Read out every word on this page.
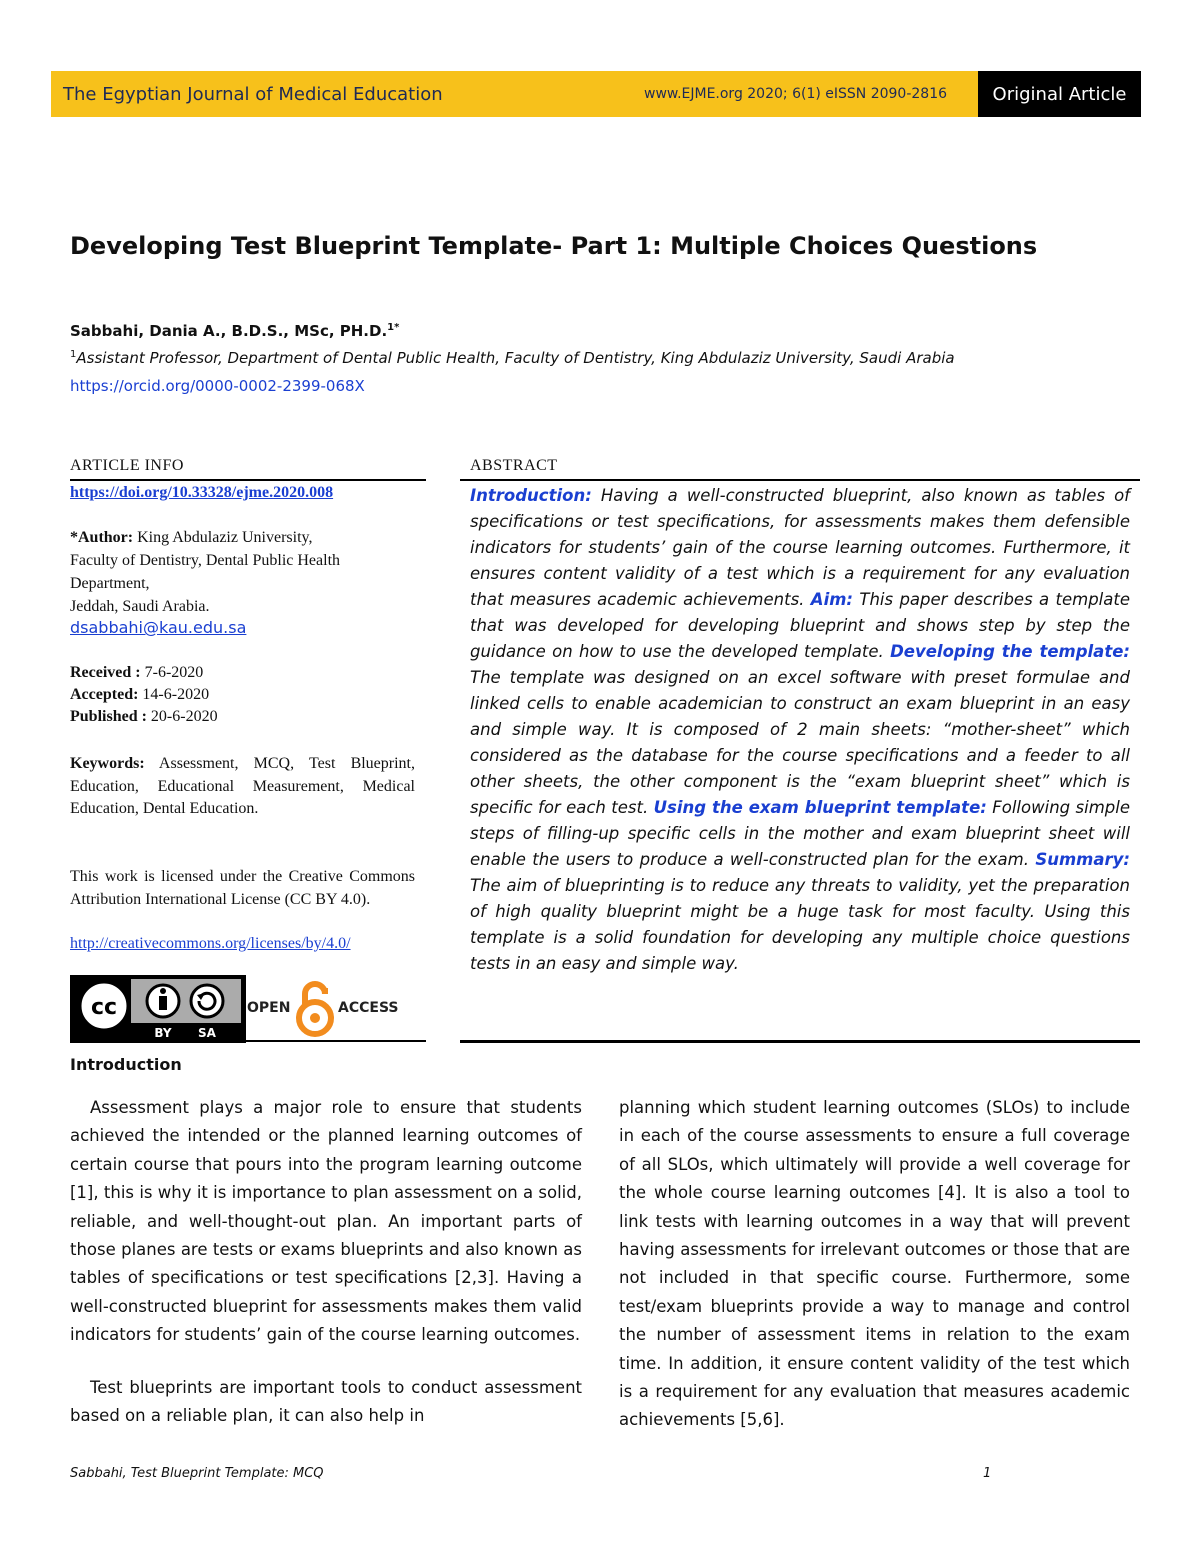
The Egyptian Journal of Medical Education	www.EJME.org 2020; 6(1) eISSN 2090-2816	Original Article
Developing Test Blueprint Template- Part 1: Multiple Choices Questions
Sabbahi, Dania A., B.D.S., MSc, PH.D.$^{1*}$
$^1$Assistant Professor, Department of Dental Public Health, Faculty of Dentistry, King Abdulaziz University, Saudi Arabia
https://orcid.org/0000-0002-2399-068X
ARTICLE INFO
https://doi.org/10.33328/ejme.2020.008
*Author: King Abdulaziz University,
Faculty of Dentistry, Dental Public Health
Department,
Jeddah, Saudi Arabia.
dsabbahi@kau.edu.sa
Received : 7-6-2020
Accepted: 14-6-2020
Published : 20-6-2020
Keywords: Assessment, MCQ, Test Blueprint, Education, Educational Measurement, Medical Education, Dental Education.
This work is licensed under the Creative Commons Attribution International License (CC BY 4.0).
http://creativecommons.org/licenses/by/4.0/
cc
BY SA
OPEN	ACCESS
ABSTRACT
Introduction: Having a well-constructed blueprint, also known as tables of specifications or test specifications, for assessments makes them defensible indicators for students’ gain of the course learning outcomes. Furthermore, it ensures content validity of a test which is a requirement for any evaluation that measures academic achievements. Aim: This paper describes a template that was developed for developing blueprint and shows step by step the guidance on how to use the developed template. Developing the template: The template was designed on an excel software with preset formulae and linked cells to enable academician to construct an exam blueprint in an easy and simple way. It is composed of 2 main sheets: “mother-sheet” which considered as the database for the course specifications and a feeder to all other sheets, the other component is the “exam blueprint sheet” which is specific for each test. Using the exam blueprint template: Following simple steps of filling-up specific cells in the mother and exam blueprint sheet will enable the users to produce a well-constructed plan for the exam. Summary: The aim of blueprinting is to reduce any threats to validity, yet the preparation of high quality blueprint might be a huge task for most faculty. Using this template is a solid foundation for developing any multiple choice questions tests in an easy and simple way.
Introduction

Assessment plays a major role to ensure that students achieved the intended or the planned learning outcomes of certain course that pours into the program learning outcome [1], this is why it is importance to plan assessment on a solid, reliable, and well-thought-out plan. An important parts of those planes are tests or exams blueprints and also known as tables of specifications or test specifications [2,3]. Having a well-constructed blueprint for assessments makes them valid indicators for students’ gain of the course learning outcomes.

Test blueprints are important tools to conduct assessment based on a reliable plan, it can also help in

planning which student learning outcomes (SLOs) to include in each of the course assessments to ensure a full coverage of all SLOs, which ultimately will provide a well coverage for the whole course learning outcomes [4]. It is also a tool to link tests with learning outcomes in a way that will prevent having assessments for irrelevant outcomes or those that are not included in that specific course. Furthermore, some test/exam blueprints provide a way to manage and control the number of assessment items in relation to the exam time. In addition, it ensure content validity of the test which is a requirement for any evaluation that measures academic achievements [5,6].

Sabbahi, Test Blueprint Template: MCQ	1
